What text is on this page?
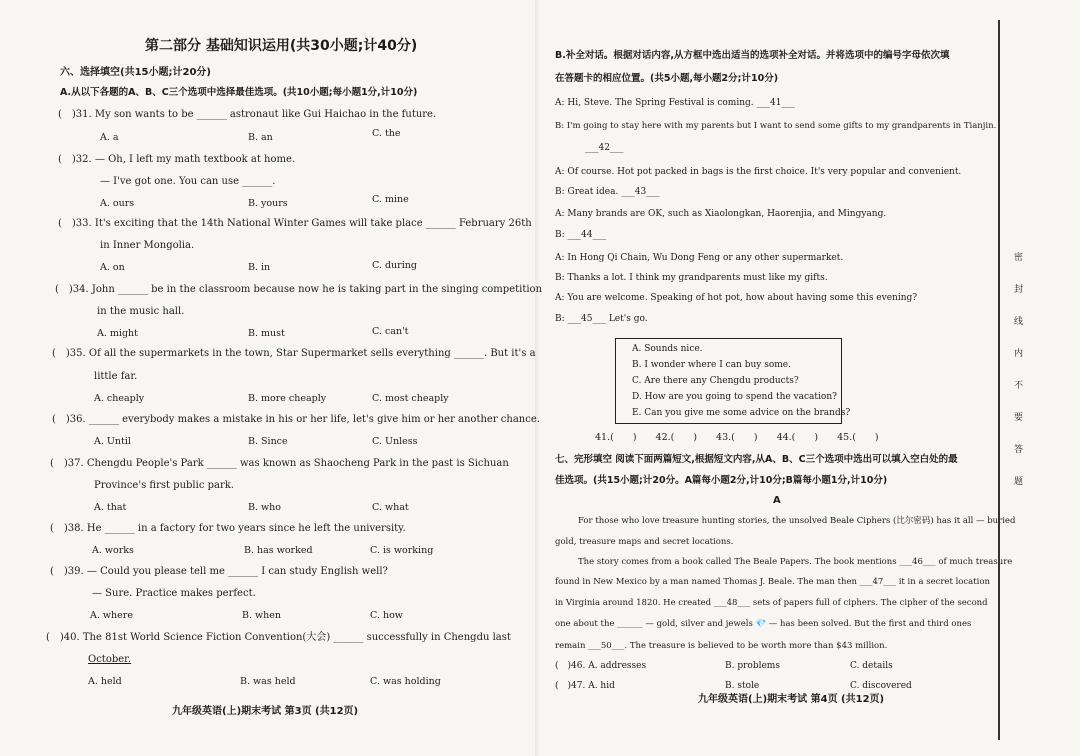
第二部分 基础知识运用(共30小题;计40分)
六、选择填空(共15小题;计20分)
A.从以下各题的A、B、C三个选项中选择最佳选项。(共10小题;每小题1分,计10分)
(　)31. My son wants to be ______ astronaut like Gui Haichao in the future.
A. a	B. an	C. the
(　)32. — Oh, I left my math textbook at home.
— I've got one. You can use ______.
A. ours	B. yours	C. mine
(　)33. It's exciting that the 14th National Winter Games will take place ______ February 26th
in Inner Mongolia.
A. on	B. in	C. during
(　)34. John ______ be in the classroom because now he is taking part in the singing competition
in the music hall.
A. might	B. must	C. can't
(　)35. Of all the supermarkets in the town, Star Supermarket sells everything ______. But it's a
little far.
A. cheaply	B. more cheaply	C. most cheaply
(　)36. ______ everybody makes a mistake in his or her life, let's give him or her another chance.
A. Until	B. Since	C. Unless
(　)37. Chengdu People's Park ______ was known as Shaocheng Park in the past is Sichuan
Province's first public park.
A. that	B. who	C. what
(　)38. He ______ in a factory for two years since he left the university.
A. works	B. has worked	C. is working
(　)39. — Could you please tell me ______ I can study English well?
— Sure. Practice makes perfect.
A. where	B. when	C. how
(　)40. The 81st World Science Fiction Convention(大会) ______ successfully in Chengdu last
October.
A. held	B. was held	C. was holding
九年级英语(上)期末考试 第3页 (共12页)
B.补全对话。根据对话内容,从方框中选出适当的选项补全对话。并将选项中的编号字母依次填
在答题卡的相应位置。(共5小题,每小题2分;计10分)
A: Hi, Steve. The Spring Festival is coming. ___41___
B: I'm going to stay here with my parents but I want to send some gifts to my grandparents in Tianjin.
___42___
A: Of course. Hot pot packed in bags is the first choice. It's very popular and convenient.
B: Great idea. ___43___
A: Many brands are OK, such as Xiaolongkan, Haorenjia, and Mingyang.
B: ___44___
A: In Hong Qi Chain, Wu Dong Feng or any other supermarket.
B: Thanks a lot. I think my grandparents must like my gifts.
A: You are welcome. Speaking of hot pot, how about having some this evening?
B: ___45___ Let's go.
A. Sounds nice.
B. I wonder where I can buy some.
C. Are there any Chengdu products?
D. How are you going to spend the vacation?
E. Can you give me some advice on the brands?
41.(　　)　　42.(　　)　　43.(　　)　　44.(　　)　　45.(　　)
七、完形填空 阅读下面两篇短文,根据短文内容,从A、B、C三个选项中选出可以填入空白处的最
佳选项。(共15小题;计20分。A篇每小题2分,计10分;B篇每小题1分,计10分)
A
For those who love treasure hunting stories, the unsolved Beale Ciphers (比尔密码) has it all — buried
gold, treasure maps and secret locations.
The story comes from a book called The Beale Papers. The book mentions ___46___ of much treasure
found in New Mexico by a man named Thomas J. Beale. The man then ___47___ it in a secret location
in Virginia around 1820. He created ___48___ sets of papers full of ciphers. The cipher of the second
one about the ______ — gold, silver and jewels 💎 — has been solved. But the first and third ones
remain ___50___. The treasure is believed to be worth more than $43 million.
(　)46. A. addresses	B. problems	C. details
(　)47. A. hid	B. stole	C. discovered
九年级英语(上)期末考试 第4页 (共12页)
密
封
线
内
不
要
答
题
